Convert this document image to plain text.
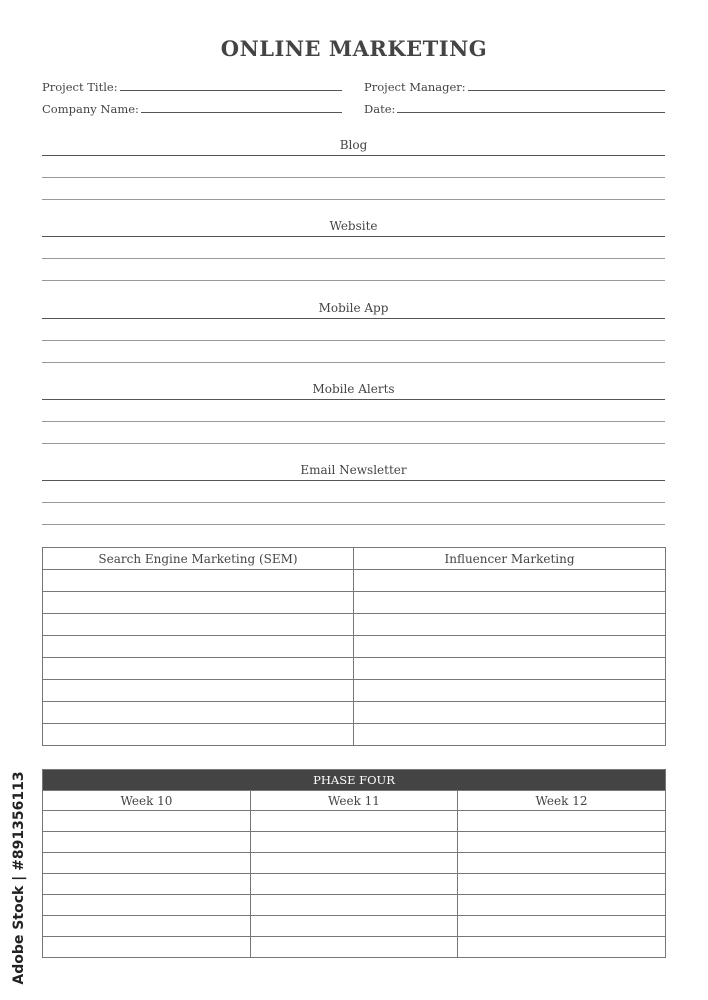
ONLINE MARKETING
Project Title:	Project Manager:
Company Name:	Date:
Blog
Website
Mobile App
Mobile Alerts
Email Newsletter
Search Engine Marketing (SEM)	Influencer Marketing

PHASE FOUR		
Week 10	Week 11	Week 12

Adobe Stock | #891356113
